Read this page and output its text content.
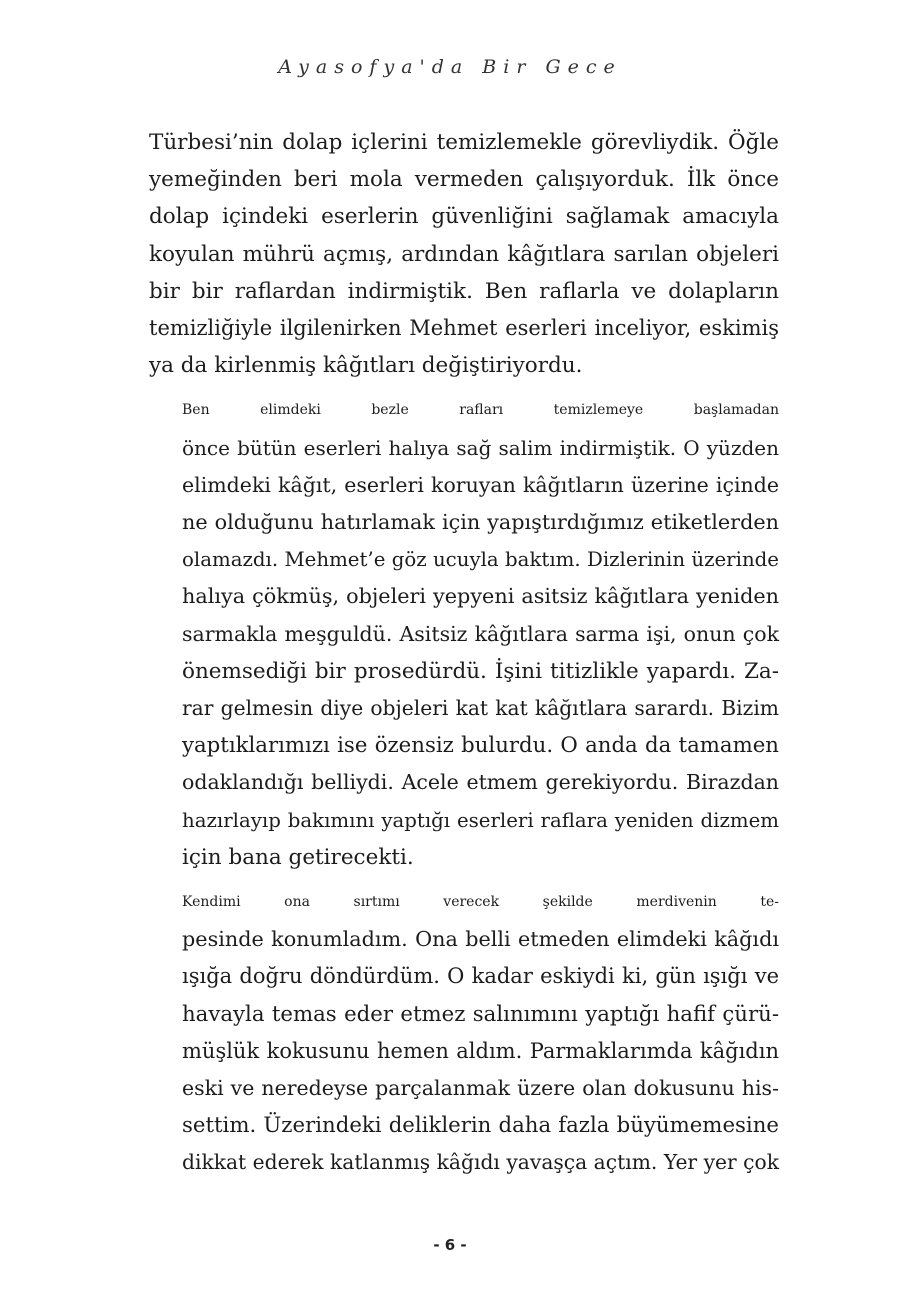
Ayasofya'da Bir Gece

Türbesi’nin dolap içlerini temizlemekle görevliydik. Öğle
yemeğinden beri mola vermeden çalışıyorduk. İlk önce
dolap içindeki eserlerin güvenliğini sağlamak amacıyla
koyulan mührü açmış, ardından kâğıtlara sarılan objeleri
bir bir raflardan indirmiştik. Ben raflarla ve dolapların
temizliğiyle ilgilenirken Mehmet eserleri inceliyor, eskimiş
ya da kirlenmiş kâğıtları değiştiriyordu.

Ben elimdeki bezle rafları temizlemeye başlamadan
önce bütün eserleri halıya sağ salim indirmiştik. O yüzden
elimdeki kâğıt, eserleri koruyan kâğıtların üzerine içinde
ne olduğunu hatırlamak için yapıştırdığımız etiketlerden
olamazdı. Mehmet’e göz ucuyla baktım. Dizlerinin üzerinde
halıya çökmüş, objeleri yepyeni asitsiz kâğıtlara yeniden
sarmakla meşguldü. Asitsiz kâğıtlara sarma işi, onun çok
önemsediği bir prosedürdü. İşini titizlikle yapardı. Za-
rar gelmesin diye objeleri kat kat kâğıtlara sarardı. Bizim
yaptıklarımızı ise özensiz bulurdu. O anda da tamamen
odaklandığı belliydi. Acele etmem gerekiyordu. Birazdan
hazırlayıp bakımını yaptığı eserleri raflara yeniden dizmem
için bana getirecekti.

Kendimi ona sırtımı verecek şekilde merdivenin te-
pesinde konumladım. Ona belli etmeden elimdeki kâğıdı
ışığa doğru döndürdüm. O kadar eskiydi ki, gün ışığı ve
havayla temas eder etmez salınımını yaptığı hafif çürü-
müşlük kokusunu hemen aldım. Parmaklarımda kâğıdın
eski ve neredeyse parçalanmak üzere olan dokusunu his-
settim. Üzerindeki deliklerin daha fazla büyümemesine
dikkat ederek katlanmış kâğıdı yavaşça açtım. Yer yer çok

- 6 -
